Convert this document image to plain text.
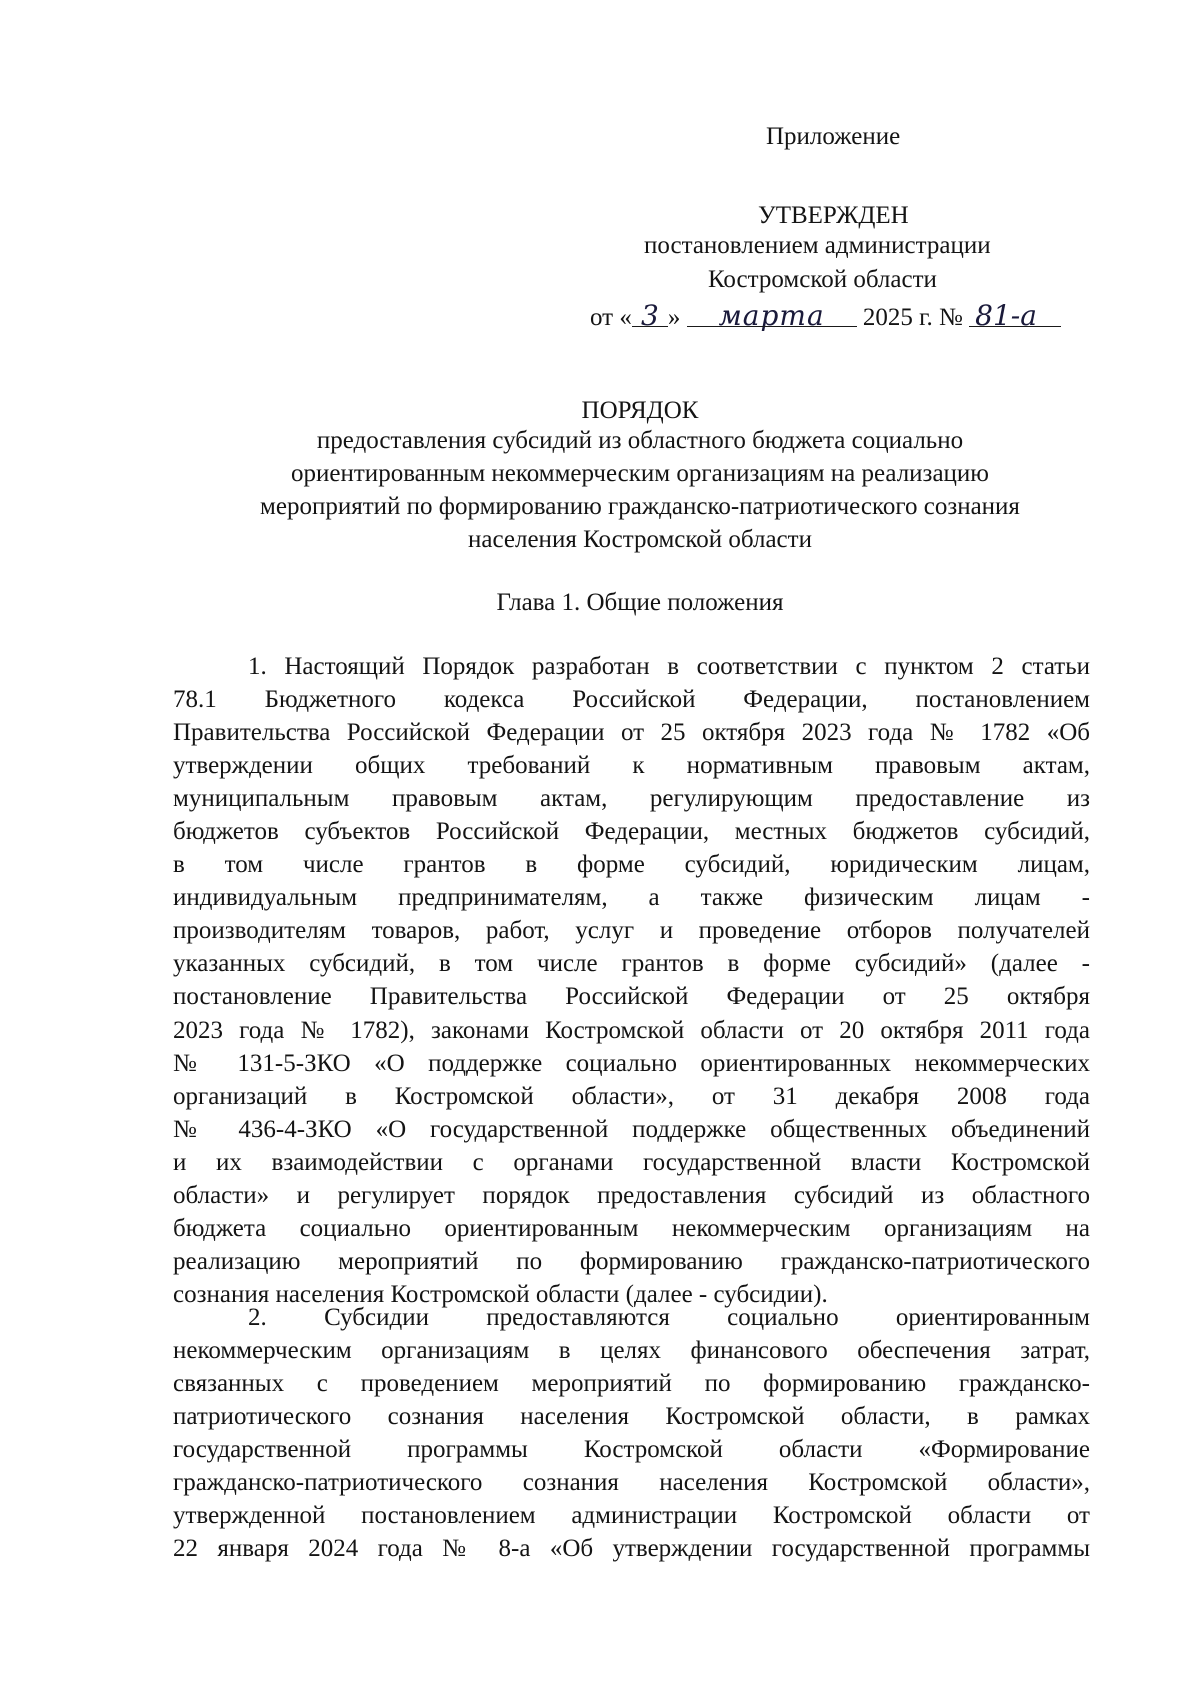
Приложение
УТВЕРЖДЕН
постановлением администрации
Костромской области
от « 3 » марта 2025 г. № 81-а
ПОРЯДОК
предоставления субсидий из областного бюджета социально
ориентированным некоммерческим организациям на реализацию
мероприятий по формированию гражданско-патриотического сознания
населения Костромской области
Глава 1. Общие положения
1. Настоящий Порядок разработан в соответствии с пунктом 2 статьи
78.1 Бюджетного кодекса Российской Федерации, постановлением
Правительства Российской Федерации от 25 октября 2023 года № 1782 «Об
утверждении общих требований к нормативным правовым актам,
муниципальным правовым актам, регулирующим предоставление из
бюджетов субъектов Российской Федерации, местных бюджетов субсидий,
в том числе грантов в форме субсидий, юридическим лицам,
индивидуальным предпринимателям, а также физическим лицам -
производителям товаров, работ, услуг и проведение отборов получателей
указанных субсидий, в том числе грантов в форме субсидий» (далее -
постановление Правительства Российской Федерации от 25 октября
2023 года № 1782), законами Костромской области от 20 октября 2011 года
№ 131-5-ЗКО «О поддержке социально ориентированных некоммерческих
организаций в Костромской области», от 31 декабря 2008 года
№ 436-4-ЗКО «О государственной поддержке общественных объединений
и их взаимодействии с органами государственной власти Костромской
области» и регулирует порядок предоставления субсидий из областного
бюджета социально ориентированным некоммерческим организациям на
реализацию мероприятий по формированию гражданско-патриотического
сознания населения Костромской области (далее - субсидии).
2. Субсидии предоставляются социально ориентированным
некоммерческим организациям в целях финансового обеспечения затрат,
связанных с проведением мероприятий по формированию гражданско-
патриотического сознания населения Костромской области, в рамках
государственной программы Костромской области «Формирование
гражданско-патриотического сознания населения Костромской области»,
утвержденной постановлением администрации Костромской области от
22 января 2024 года № 8-а «Об утверждении государственной программы
